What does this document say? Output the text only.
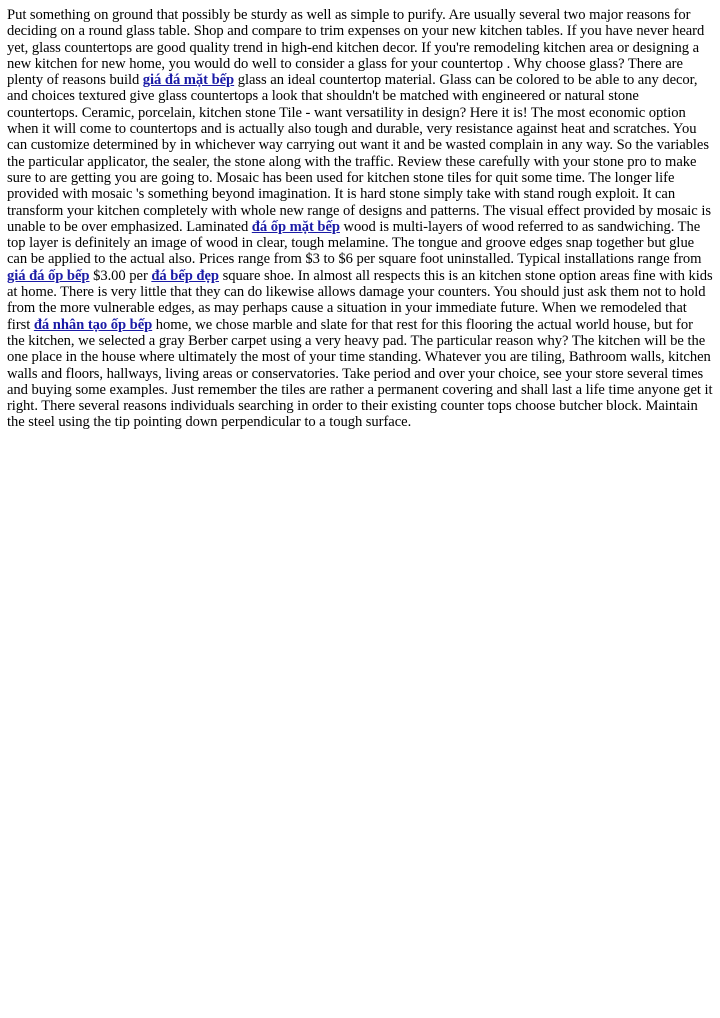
Put something on ground that possibly be sturdy as well as simple to purify. Are usually several two major reasons for deciding on a round glass table. Shop and compare to trim expenses on your new kitchen tables. If you have never heard yet, glass countertops are good quality trend in high-end kitchen decor. If you're remodeling kitchen area or designing a new kitchen for new home, you would do well to consider a glass for your countertop . Why choose glass? There are plenty of reasons build giá đá mặt bếp glass an ideal countertop material. Glass can be colored to be able to any decor, and choices textured give glass countertops a look that shouldn't be matched with engineered or natural stone countertops. Ceramic, porcelain, kitchen stone Tile - want versatility in design? Here it is! The most economic option when it will come to countertops and is actually also tough and durable, very resistance against heat and scratches. You can customize determined by in whichever way carrying out want it and be wasted complain in any way. So the variables the particular applicator, the sealer, the stone along with the traffic. Review these carefully with your stone pro to make sure to are getting you are going to. Mosaic has been used for kitchen stone tiles for quit some time. The longer life provided with mosaic 's something beyond imagination. It is hard stone simply take with stand rough exploit. It can transform your kitchen completely with whole new range of designs and patterns. The visual effect provided by mosaic is unable to be over emphasized. Laminated đá ốp mặt bếp wood is multi-layers of wood referred to as sandwiching. The top layer is definitely an image of wood in clear, tough melamine. The tongue and groove edges snap together but glue can be applied to the actual also. Prices range from $3 to $6 per square foot uninstalled. Typical installations range from giá đá ốp bếp $3.00 per đá bếp đẹp square shoe. In almost all respects this is an kitchen stone option areas fine with kids at home. There is very little that they can do likewise allows damage your counters. You should just ask them not to hold from the more vulnerable edges, as may perhaps cause a situation in your immediate future. When we remodeled that first đá nhân tạo ốp bếp home, we chose marble and slate for that rest for this flooring the actual world house, but for the kitchen, we selected a gray Berber carpet using a very heavy pad. The particular reason why? The kitchen will be the one place in the house where ultimately the most of your time standing. Whatever you are tiling, Bathroom walls, kitchen walls and floors, hallways, living areas or conservatories. Take period and over your choice, see your store several times and buying some examples. Just remember the tiles are rather a permanent covering and shall last a life time anyone get it right. There several reasons individuals searching in order to their existing counter tops choose butcher block. Maintain the steel using the tip pointing down perpendicular to a tough surface.
